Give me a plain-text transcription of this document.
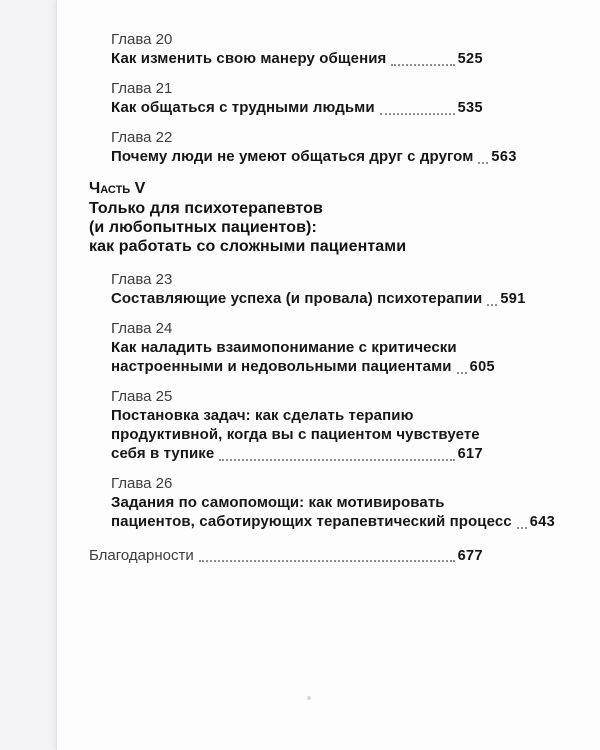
Глава 20
Как изменить свою манеру общения	525
Глава 21
Как общаться с трудными людьми	535
Глава 22
Почему люди не умеют общаться друг с другом 563
Часть V
Только для психотерапевтов
(и любопытных пациентов):
как работать со сложными пациентами
Глава 23
Составляющие успеха (и провала) психотерапии 591
Глава 24
Как наладить взаимопонимание с критически
настроенными и недовольными пациентами 605
Глава 25
Постановка задач: как сделать терапию
продуктивной, когда вы с пациентом чувствуете
себя в тупике	617
Глава 26
Задания по самопомощи: как мотивировать
пациентов, саботирующих терапевтический процесс 643
Благодарности	677
